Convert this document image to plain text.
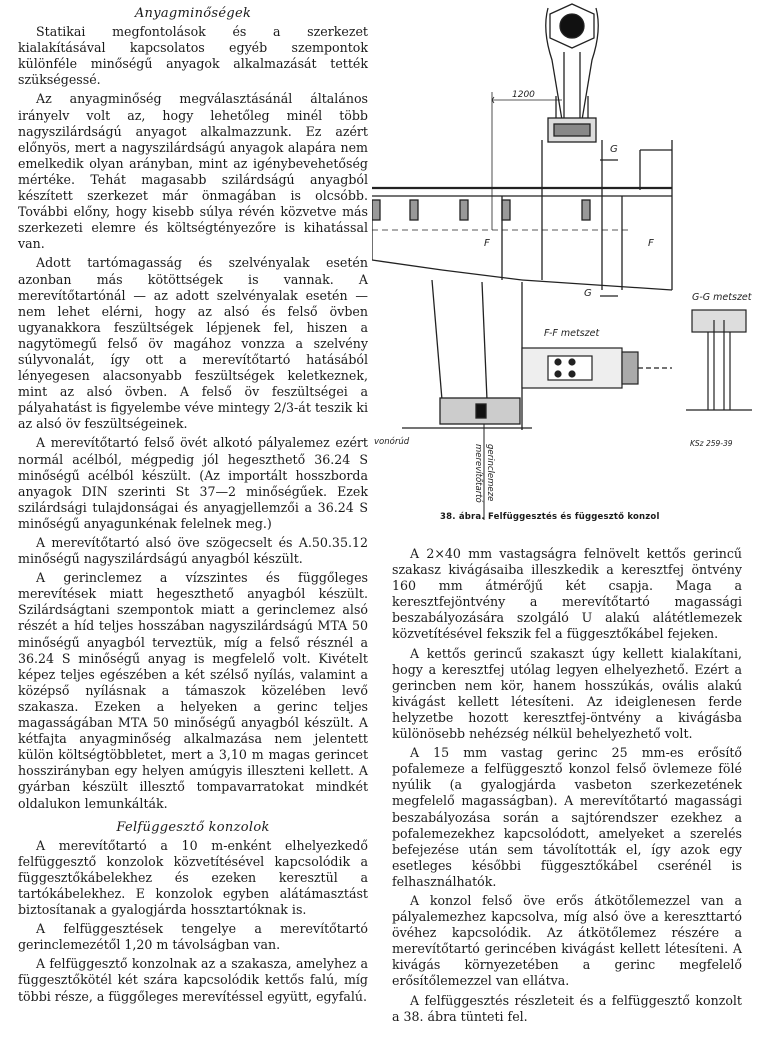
Anyagminőségek

Statikai megfontolások és a szerkezet kialakításával kapcsolatos egyéb szempontok különféle minőségű anyagok alkalmazását tették szükségessé.

Az anyagminőség megválasztásánál általános irányelv volt az, hogy lehetőleg minél több nagyszilárdságú anyagot alkalmazzunk. Ez azért előnyös, mert a nagyszilárdságú anyagok alapára nem emelkedik olyan arányban, mint az igénybevehetőség mértéke. Tehát magasabb szilárdságú anyagból készített szerkezet már önmagában is olcsóbb. További előny, hogy kisebb súlya révén közvetve más szerkezeti elemre és költségtényezőre is kihatással van.

Adott tartómagasság és szelvényalak esetén azonban más kötöttségek is vannak. A merevítőtartónál — az adott szelvényalak esetén — nem lehet elérni, hogy az alsó és felső övben ugyanakkora feszültségek lépjenek fel, hiszen a nagytömegű felső öv magához vonzza a szelvény súlyvonalát, így ott a merevítőtartó hatásából lényegesen alacsonyabb feszültségek keletkeznek, mint az alsó övben. A felső öv feszültségei a pályahatást is figyelembe véve mintegy 2/3-át teszik ki az alsó öv feszültségeinek.

A merevítőtartó felső övét alkotó pályalemez ezért normál acélból, mégpedig jól hegeszthető 36.24 S minőségű acélból készült. (Az importált hosszborda anyagok DIN szerinti St 37—2 minőségűek. Ezek szilárdsági tulajdonságai és anyagjellemzői a 36.24 S minőségű anyagunkénak felelnek meg.)

A merevítőtartó alsó öve szögecselt és A.50.35.12 minőségű nagyszilárdságú anyagból készült.

A gerinclemez a vízszintes és függőleges merevítések miatt hegeszthető anyagból készült. Szilárdságtani szempontok miatt a gerinclemez alsó részét a híd teljes hosszában nagyszilárdságú MTA 50 minőségű anyagból terveztük, míg a felső résznél a 36.24 S minőségű anyag is megfelelő volt. Kivételt képez teljes egészében a két szélső nyílás, valamint a középső nyílásnak a támaszok közelében levő szakasza. Ezeken a helyeken a gerinc teljes magasságában MTA 50 minőségű anyagból készült. A kétfajta anyagminőség alkalmazása nem jelentett külön költségtöbbletet, mert a 3,10 m magas gerincet hosszirányban egy helyen amúgyis illeszteni kellett. A gyárban készült illesztő tompavarratokat mindkét oldalukon lemunkálták.

Felfüggesztő konzolok

A merevítőtartó a 10 m-enként elhelyezkedő felfüggesztő konzolok közvetítésével kapcsolódik a függesztőkábelekhez és ezeken keresztül a tartókábelekhez. E konzolok egyben alátámasztást biztosítanak a gyalogjárda hossztartóknak is.

A felfüggesztések tengelye a merevítőtartó gerinclemezétől 1,20 m távolságban van.

A felfüggesztő konzolnak az a szakasza, amelyhez a függesztőkötél két szára kapcsolódik kettős falú, míg többi része, a függőleges merevítéssel együtt, egyfalú.

1200
G
G
F	F
F-F metszet
G-G metszet
vonórúd	KSz 259-39
merevítőtartó gerinclemeze
38. ábra. Felfüggesztés és függesztő konzol

A 2×40 mm vastagságra felnövelt kettős gerincű szakasz kivágásaiba illeszkedik a keresztfej öntvény 160 mm átmérőjű két csapja. Maga a keresztfejöntvény a merevítőtartó magassági beszabályozására szolgáló U alakú alátétlemezek közvetítésével fekszik fel a függesztőkábel fejeken.

A kettős gerincű szakaszt úgy kellett kialakítani, hogy a keresztfej utólag legyen elhelyezhető. Ezért a gerincben nem kör, hanem hosszúkás, ovális alakú kivágást kellett létesíteni. Az ideiglenesen ferde helyzetbe hozott keresztfej-öntvény a kivágásba különösebb nehézség nélkül behelyezhető volt.

A 15 mm vastag gerinc 25 mm-es erősítő pofalemeze a felfüggesztő konzol felső övlemeze fölé nyúlik (a gyalogjárda vasbeton szerkezetének megfelelő magasságban). A merevítőtartó magassági beszabályozása során a sajtórendszer ezekhez a pofalemezekhez kapcsolódott, amelyeket a szerelés befejezése után sem távolították el, így azok egy esetleges későbbi függesztőkábel cserénél is felhasználhatók.

A konzol felső öve erős átkötőlemezzel van a pályalemezhez kapcsolva, míg alsó öve a kereszttartó övéhez kapcsolódik. Az átkötőlemez részére a merevítőtartó gerincében kivágást kellett létesíteni. A kivágás környezetében a gerinc megfelelő erősítőlemezzel van ellátva.

A felfüggesztés részleteit és a felfüggesztő konzolt a 38. ábra tünteti fel.
